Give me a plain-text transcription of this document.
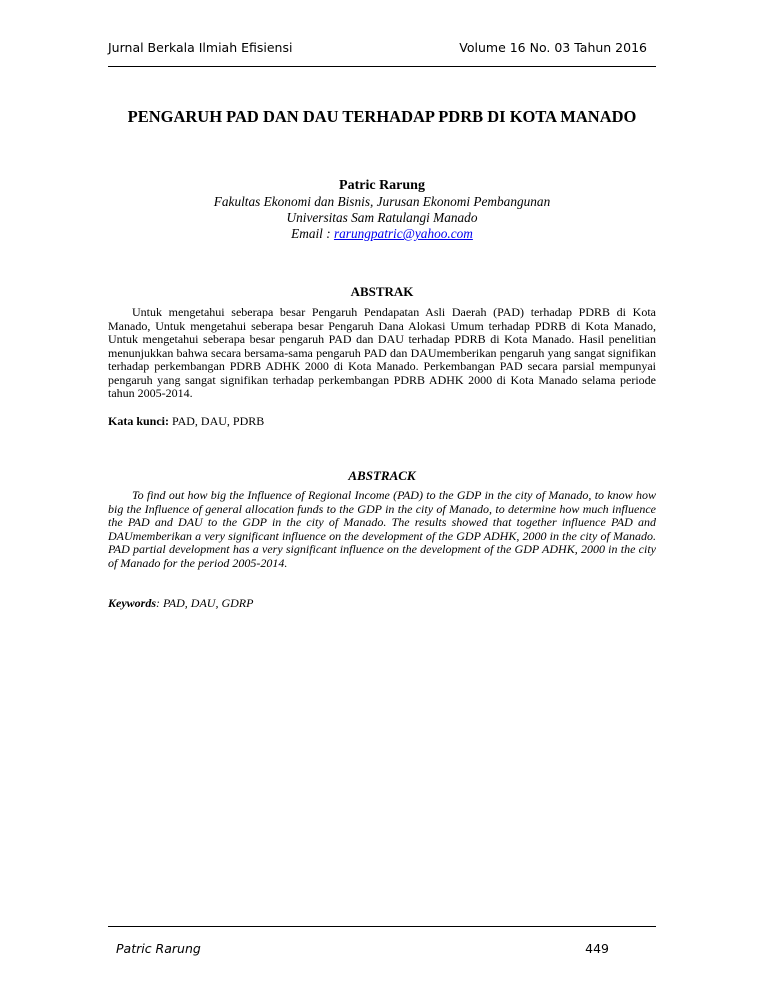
Jurnal Berkala Ilmiah Efisiensi	Volume 16 No. 03 Tahun 2016
PENGARUH PAD DAN DAU TERHADAP PDRB DI KOTA MANADO
Patric Rarung
Fakultas Ekonomi dan Bisnis, Jurusan Ekonomi Pembangunan
Universitas Sam Ratulangi Manado
Email : rarungpatric@yahoo.com
ABSTRAK

Untuk mengetahui seberapa besar Pengaruh Pendapatan Asli Daerah (PAD) terhadap PDRB di Kota Manado, Untuk mengetahui seberapa besar Pengaruh Dana Alokasi Umum terhadap PDRB di Kota Manado, Untuk mengetahui seberapa besar pengaruh PAD dan DAU terhadap PDRB di Kota Manado. Hasil penelitian menunjukkan bahwa secara bersama-sama pengaruh PAD dan DAUmemberikan pengaruh yang sangat signifikan terhadap perkembangan PDRB ADHK 2000 di Kota Manado. Perkembangan PAD secara parsial mempunyai pengaruh yang sangat signifikan terhadap perkembangan PDRB ADHK 2000 di Kota Manado selama periode tahun 2005-2014.

Kata kunci: PAD, DAU, PDRB
ABSTRACK

To find out how big the Influence of Regional Income (PAD) to the GDP in the city of Manado, to know how big the Influence of general allocation funds to the GDP in the city of Manado, to determine how much influence the PAD and DAU to the GDP in the city of Manado. The results showed that together influence PAD and DAUmemberikan a very significant influence on the development of the GDP ADHK, 2000 in the city of Manado. PAD partial development has a very significant influence on the development of the GDP ADHK, 2000 in the city of Manado for the period 2005-2014.

Keywords: PAD, DAU, GDRP
Patric Rarung	449
